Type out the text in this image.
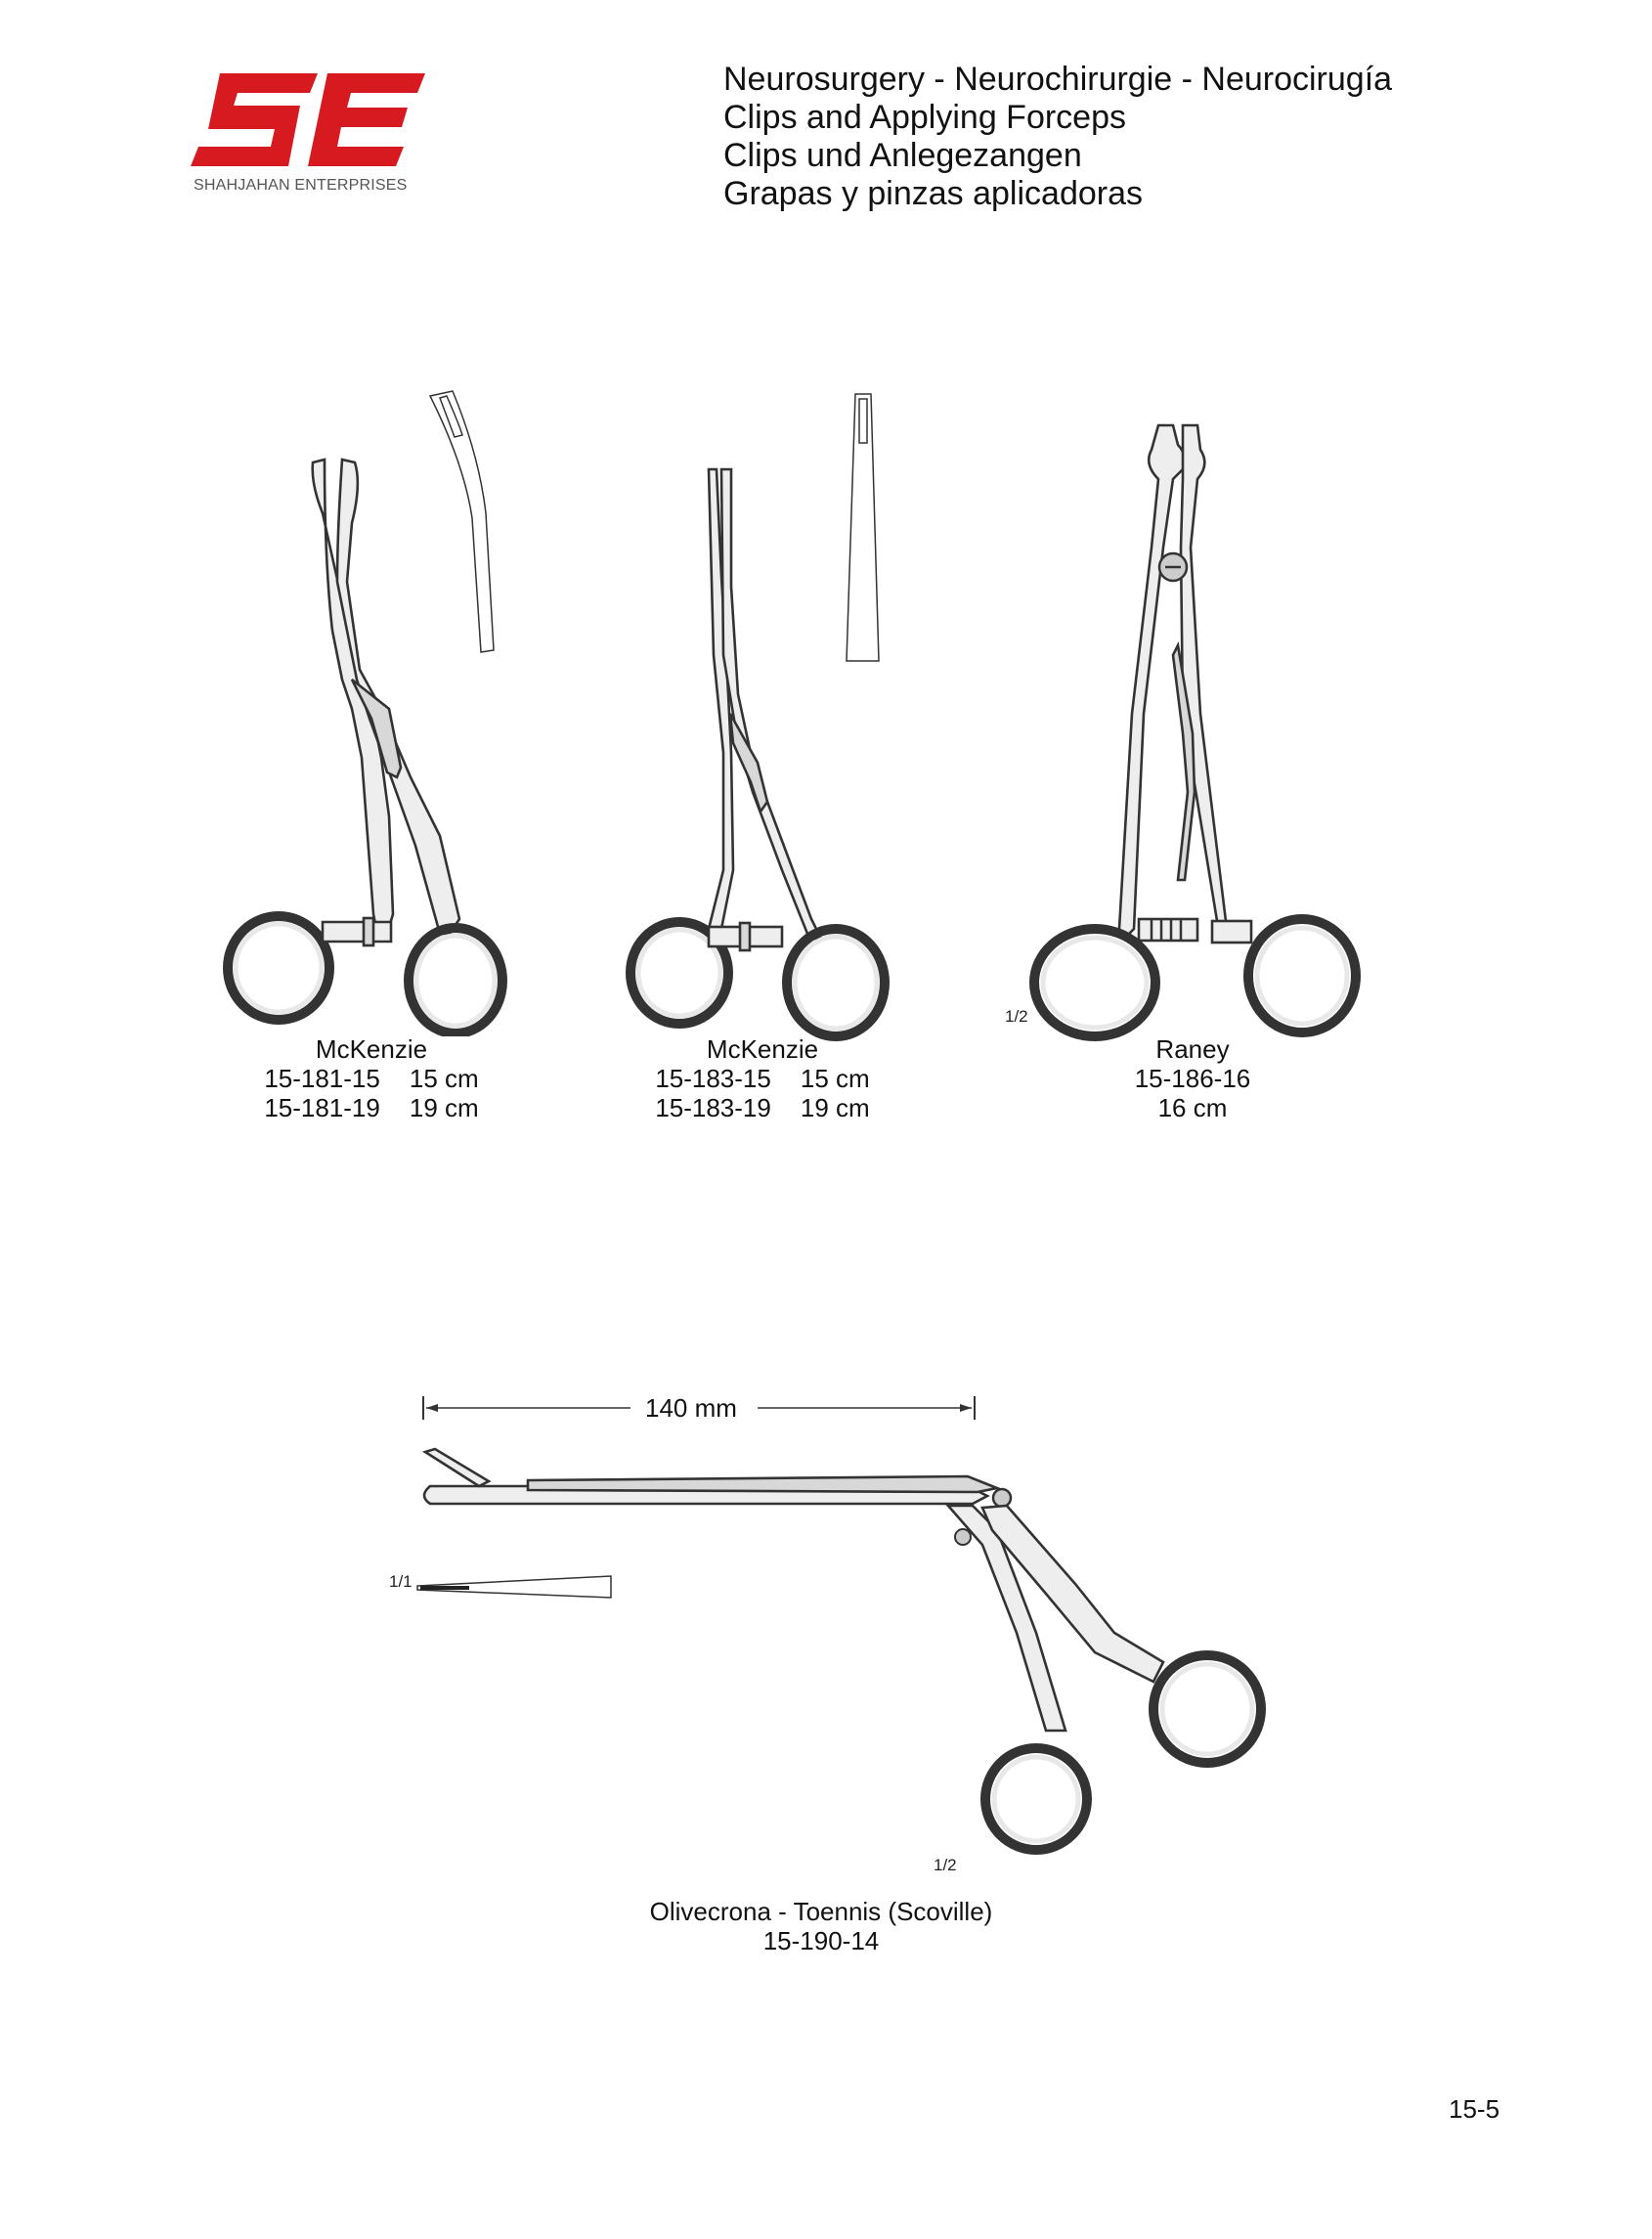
SHAHJAHAN ENTERPRISES
Neurosurgery - Neurochirurgie - Neurocirugía
Clips and Applying Forceps
Clips und Anlegezangen
Grapas y pinzas aplicadoras
1/2
McKenzie
15-181-15 15 cm
15-181-19 19 cm
McKenzie
15-183-15 15 cm
15-183-19 19 cm
Raney
15-186-16
16 cm
140 mm
1/1
1/2
Olivecrona - Toennis (Scoville)
15-190-14
15-5
